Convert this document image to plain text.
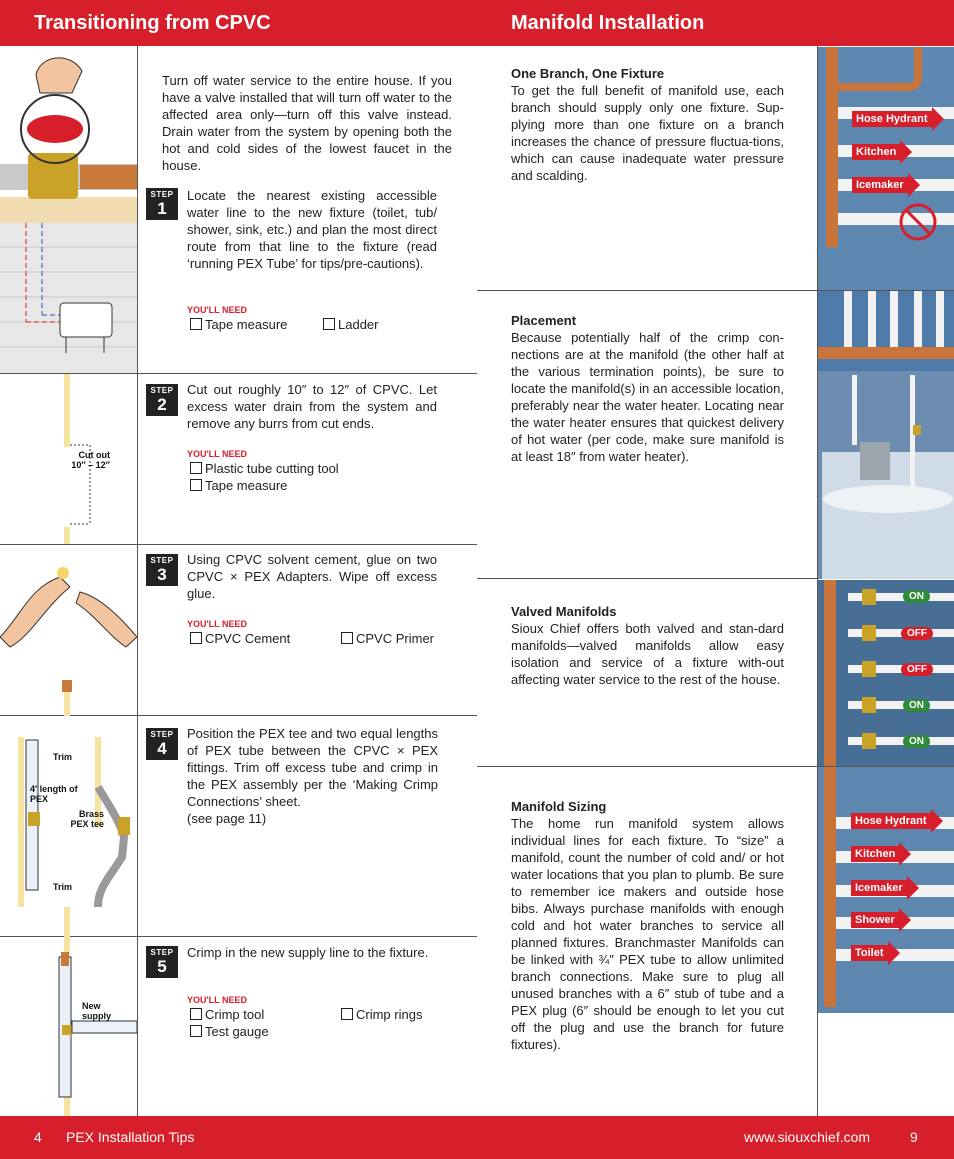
Transitioning from CPVC	Manifold Installation
Cut out
10″ – 12″
Trim
Trim
4′ length of PEX
Brass PEX tee
New supply
Turn off water service to the entire house. If you have a valve installed that will turn off water to the affected area only—turn off this valve instead. Drain water from the system by opening both the hot and cold sides of the lowest faucet in the house.
STEP
1
Locate the nearest existing accessible water line to the new fixture (toilet, tub/ shower, sink, etc.) and plan the most direct route from that line to the fixture (read ‘running PEX Tube’ for tips/pre-cautions).
YOU'LL NEED
Tape measure	Ladder
STEP
2
Cut out roughly 10″ to 12″ of CPVC. Let excess water drain from the system and remove any burrs from cut ends.
YOU'LL NEED
Plastic tube cutting tool
Tape measure
STEP
3
Using CPVC solvent cement, glue on two CPVC × PEX Adapters. Wipe off excess glue.
YOU'LL NEED
CPVC Cement	CPVC Primer
STEP
4
Position the PEX tee and two equal lengths of PEX tube between the CPVC × PEX fittings. Trim off excess tube and crimp in the PEX assembly per the ‘Making Crimp Connections’ sheet.
(see page 11)
STEP
5
Crimp in the new supply line to the fixture.
YOU'LL NEED
Crimp tool	Crimp rings
Test gauge
One Branch, One Fixture
To get the full benefit of manifold use, each branch should supply only one fixture. Sup-plying more than one fixture on a branch increases the chance of pressure fluctua-tions, which can cause inadequate water pressure and scalding.
Placement
Because potentially half of the crimp con-nections are at the manifold (the other half at the various termination points), be sure to locate the manifold(s) in an accessible location, preferably near the water heater. Locating near the water heater ensures that quickest delivery of hot water (per code, make sure manifold is at least 18″ from water heater).
Valved Manifolds
Sioux Chief offers both valved and stan-dard manifolds—valved manifolds allow easy isolation and service of a fixture with-out affecting water service to the rest of the house.
Manifold Sizing
The home run manifold system allows individual lines for each fixture. To “size” a manifold, count the number of cold and/ or hot water locations that you plan to plumb. Be sure to remember ice makers and outside hose bibs. Always purchase manifolds with enough cold and hot water branches to service all planned fixtures. Branchmaster Manifolds can be linked with ¾″ PEX tube to allow unlimited branch connections. Make sure to plug all unused branches with a 6″ stub of tube and a PEX plug (6″ should be enough to let you cut off the plug and use the branch for future fixtures).
Hose Hydrant
Kitchen
Icemaker
ON
OFF
OFF
ON
ON
Hose Hydrant
Kitchen
Icemaker
Shower
Toilet
4 PEX Installation Tips	www.siouxchief.com	9
